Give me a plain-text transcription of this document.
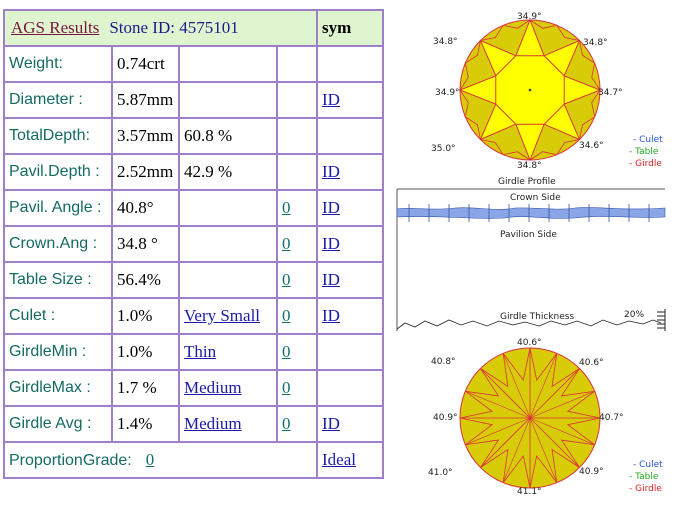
AGS Results Stone ID: 4575101				sym
Weight:	0.74crt			
Diameter :	5.87mm			ID
TotalDepth:	3.57mm	60.8 %		
Pavil.Depth :	2.52mm	42.9 %		ID
Pavil. Angle :	40.8°		0	ID
Crown.Ang :	34.8 °		0	ID
Table Size :	56.4%		0	ID
Culet :	1.0%	Very Small	0	ID
GirdleMin :	1.0%	Thin	0	
GirdleMax :	1.7 %	Medium	0	
Girdle Avg :	1.4%	Medium	0	ID
ProportionGrade: 0				Ideal
34.9°
34.8°
34.7°
34.6°
34.8°
35.0°
34.9°
34.8°
- Culet
- Table
- Girdle
Girdle Profile
Crown Side
Pavilion Side
Girdle Thickness	20%
40.6°
40.6°
40.7°
40.9°
41.1°
41.0°
40.9°
40.8°
- Culet
- Table
- Girdle
